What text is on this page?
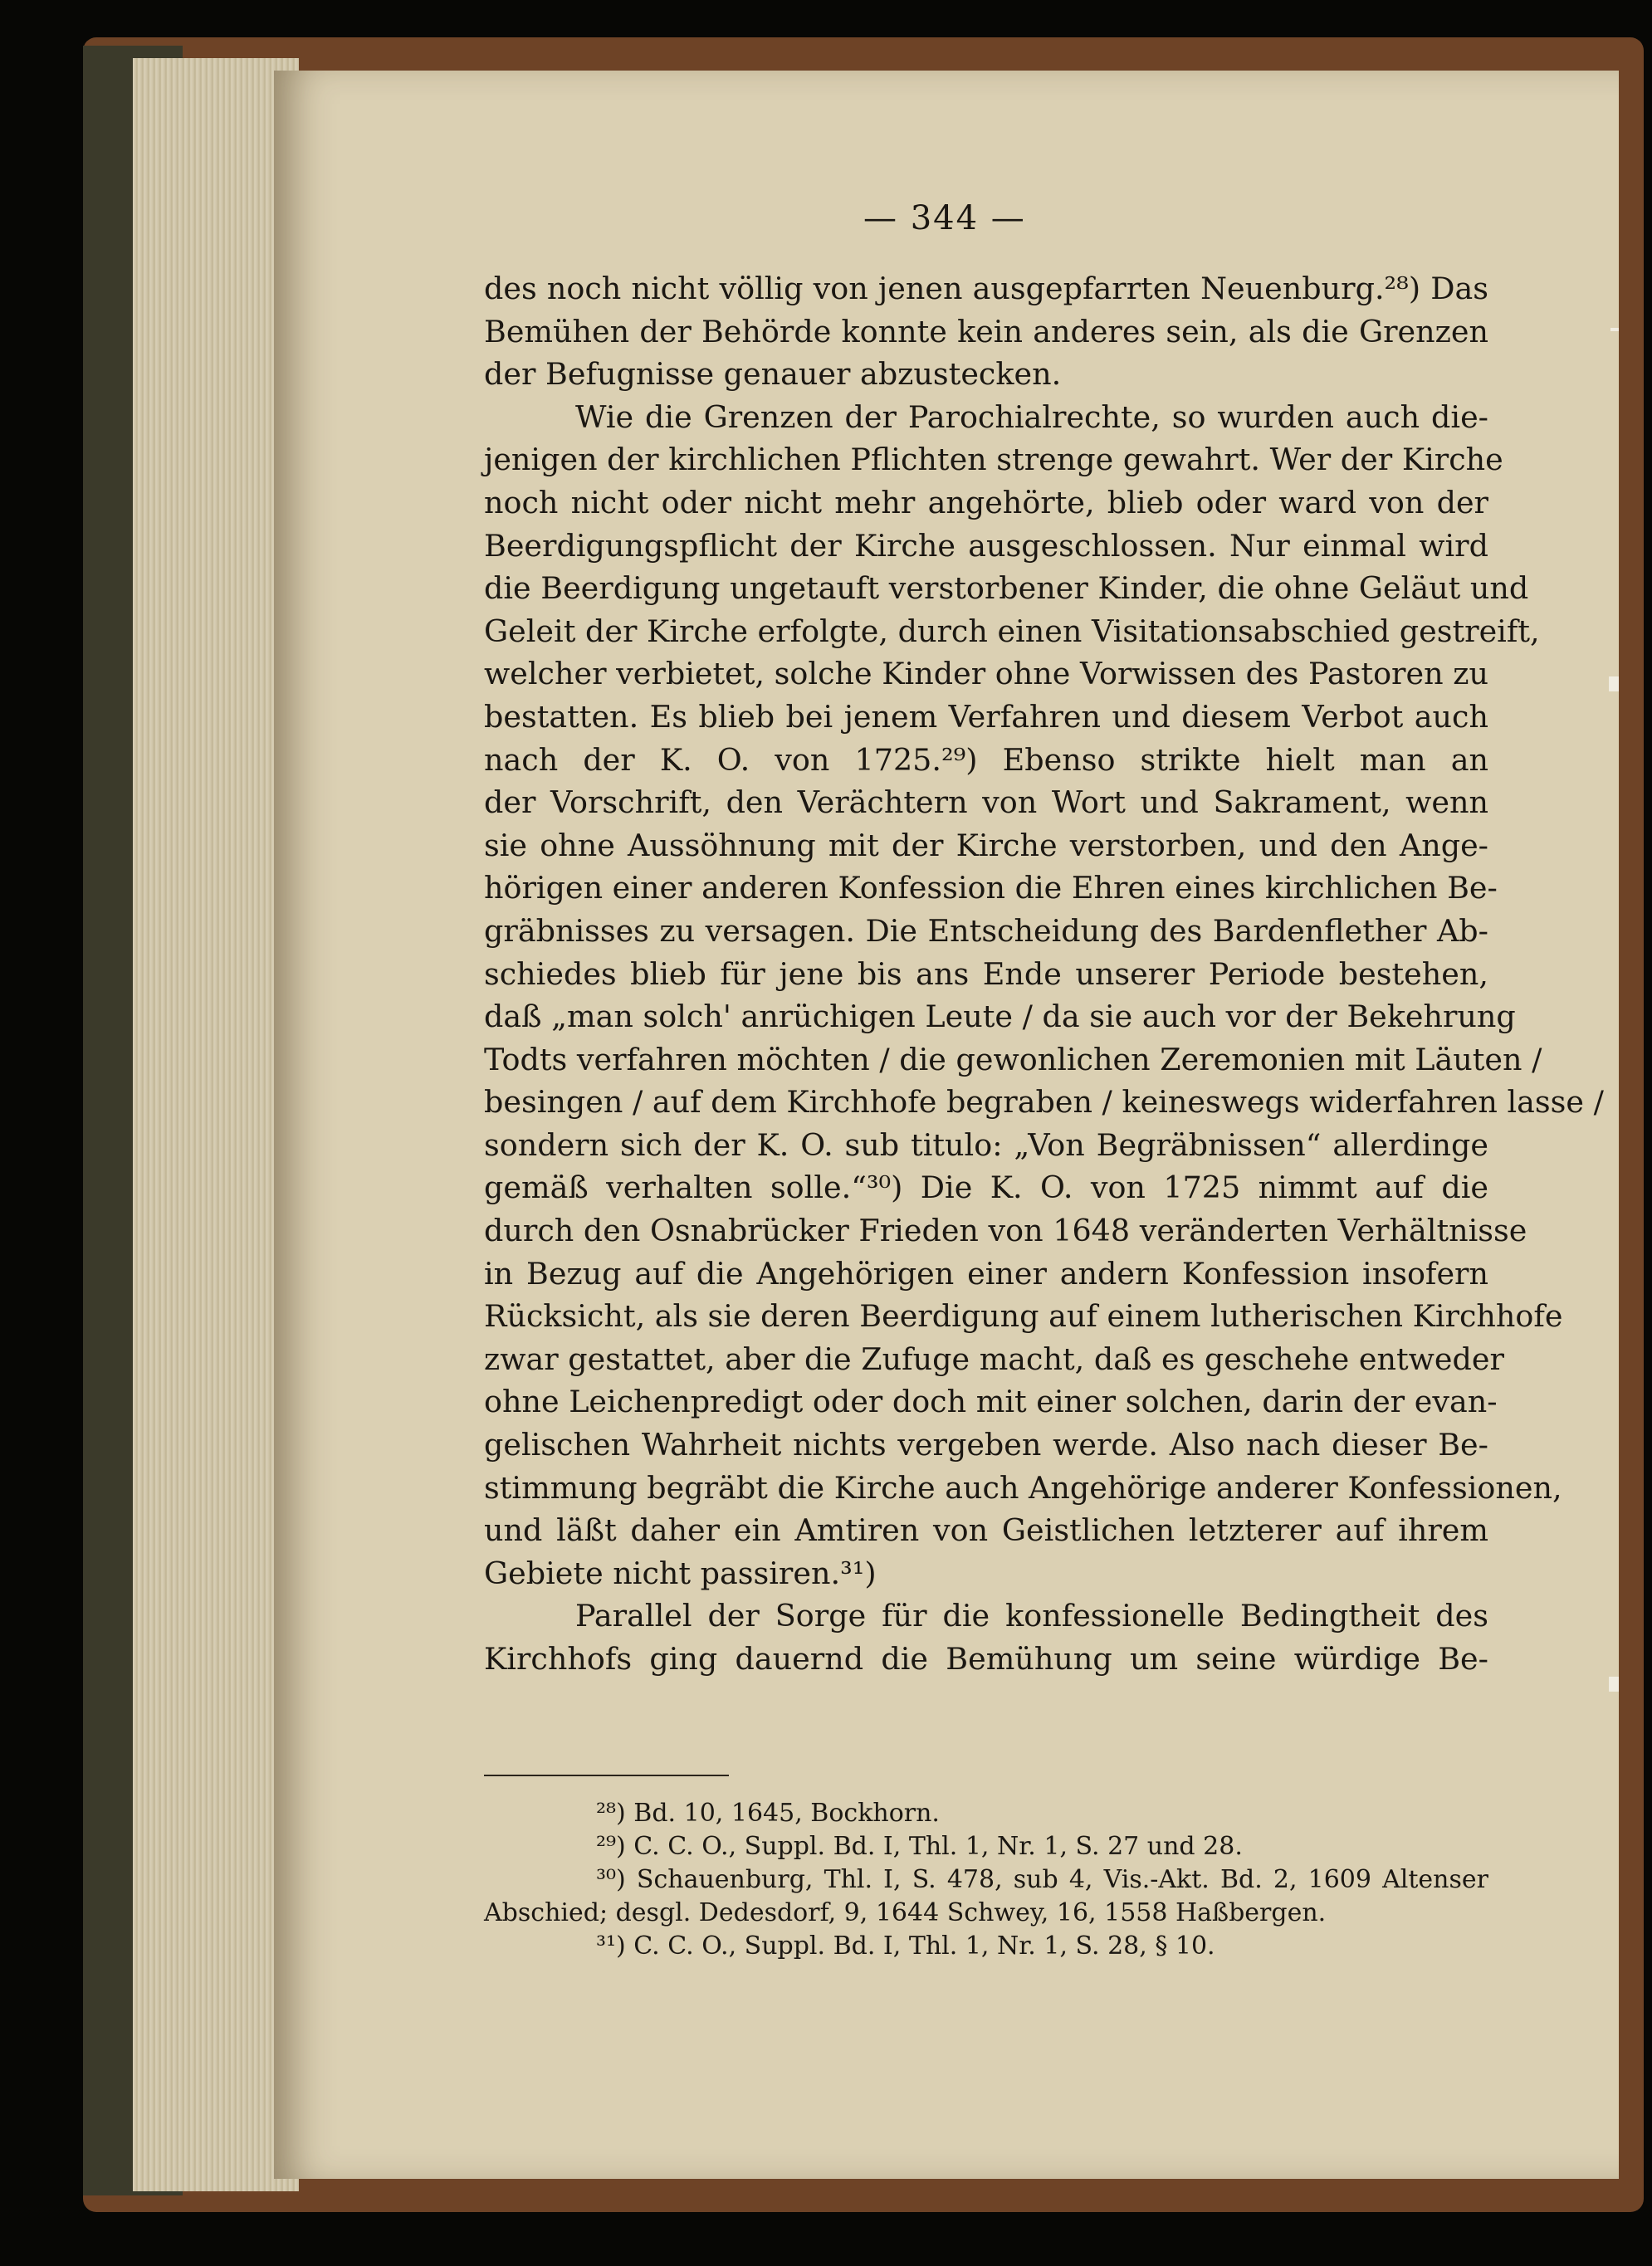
— 344 —
des noch nicht völlig von jenen ausgepfarrten Neuenburg.²⁸) Das
Bemühen der Behörde konnte kein anderes sein, als die Grenzen
der Befugnisse genauer abzustecken.
Wie die Grenzen der Parochialrechte, so wurden auch die-
jenigen der kirchlichen Pflichten strenge gewahrt. Wer der Kirche
noch nicht oder nicht mehr angehörte, blieb oder ward von der
Beerdigungspflicht der Kirche ausgeschlossen. Nur einmal wird
die Beerdigung ungetauft verstorbener Kinder, die ohne Geläut und
Geleit der Kirche erfolgte, durch einen Visitationsabschied gestreift,
welcher verbietet, solche Kinder ohne Vorwissen des Pastoren zu
bestatten. Es blieb bei jenem Verfahren und diesem Verbot auch
nach der K. O. von 1725.²⁹) Ebenso strikte hielt man an
der Vorschrift, den Verächtern von Wort und Sakrament, wenn
sie ohne Aussöhnung mit der Kirche verstorben, und den Ange-
hörigen einer anderen Konfession die Ehren eines kirchlichen Be-
gräbnisses zu versagen. Die Entscheidung des Bardenflether Ab-
schiedes blieb für jene bis ans Ende unserer Periode bestehen,
daß „man solch' anrüchigen Leute / da sie auch vor der Bekehrung
Todts verfahren möchten / die gewonlichen Zeremonien mit Läuten /
besingen / auf dem Kirchhofe begraben / keineswegs widerfahren lasse /
sondern sich der K. O. sub titulo: „Von Begräbnissen“ allerdinge
gemäß verhalten solle.“³⁰) Die K. O. von 1725 nimmt auf die
durch den Osnabrücker Frieden von 1648 veränderten Verhältnisse
in Bezug auf die Angehörigen einer andern Konfession insofern
Rücksicht, als sie deren Beerdigung auf einem lutherischen Kirchhofe
zwar gestattet, aber die Zufuge macht, daß es geschehe entweder
ohne Leichenpredigt oder doch mit einer solchen, darin der evan-
gelischen Wahrheit nichts vergeben werde. Also nach dieser Be-
stimmung begräbt die Kirche auch Angehörige anderer Konfessionen,
und läßt daher ein Amtiren von Geistlichen letzterer auf ihrem
Gebiete nicht passiren.³¹)
Parallel der Sorge für die konfessionelle Bedingtheit des
Kirchhofs ging dauernd die Bemühung um seine würdige Be-
²⁸) Bd. 10, 1645, Bockhorn.
²⁹) C. C. O., Suppl. Bd. I, Thl. 1, Nr. 1, S. 27 und 28.
³⁰) Schauenburg, Thl. I, S. 478, sub 4, Vis.-Akt. Bd. 2, 1609 Altenser
Abschied; desgl. Dedesdorf, 9, 1644 Schwey, 16, 1558 Haßbergen.
³¹) C. C. O., Suppl. Bd. I, Thl. 1, Nr. 1, S. 28, § 10.
